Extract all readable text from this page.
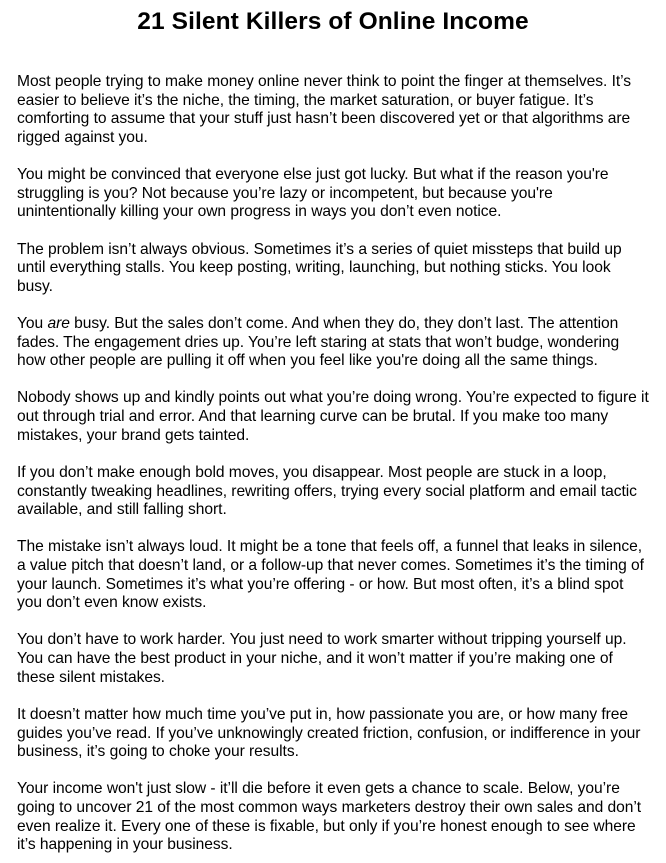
21 Silent Killers of Online Income

Most people trying to make money online never think to point the finger at themselves. It’s easier to believe it’s the niche, the timing, the market saturation, or buyer fatigue. It’s comforting to assume that your stuff just hasn’t been discovered yet or that algorithms are rigged against you.

You might be convinced that everyone else just got lucky. But what if the reason you're struggling is you? Not because you’re lazy or incompetent, but because you're unintentionally killing your own progress in ways you don’t even notice.

The problem isn’t always obvious. Sometimes it’s a series of quiet missteps that build up until everything stalls. You keep posting, writing, launching, but nothing sticks. You look busy.

You are busy. But the sales don’t come. And when they do, they don’t last. The attention fades. The engagement dries up. You’re left staring at stats that won’t budge, wondering how other people are pulling it off when you feel like you're doing all the same things.

Nobody shows up and kindly points out what you’re doing wrong. You’re expected to figure it out through trial and error. And that learning curve can be brutal. If you make too many mistakes, your brand gets tainted.

If you don’t make enough bold moves, you disappear. Most people are stuck in a loop, constantly tweaking headlines, rewriting offers, trying every social platform and email tactic available, and still falling short.

The mistake isn’t always loud. It might be a tone that feels off, a funnel that leaks in silence, a value pitch that doesn’t land, or a follow-up that never comes. Sometimes it’s the timing of your launch. Sometimes it’s what you’re offering - or how. But most often, it’s a blind spot you don’t even know exists.

You don’t have to work harder. You just need to work smarter without tripping yourself up. You can have the best product in your niche, and it won’t matter if you’re making one of these silent mistakes.

It doesn’t matter how much time you’ve put in, how passionate you are, or how many free guides you’ve read. If you’ve unknowingly created friction, confusion, or indifference in your business, it’s going to choke your results.

Your income won't just slow - it’ll die before it even gets a chance to scale. Below, you’re going to uncover 21 of the most common ways marketers destroy their own sales and don’t even realize it. Every one of these is fixable, but only if you’re honest enough to see where it’s happening in your business.
